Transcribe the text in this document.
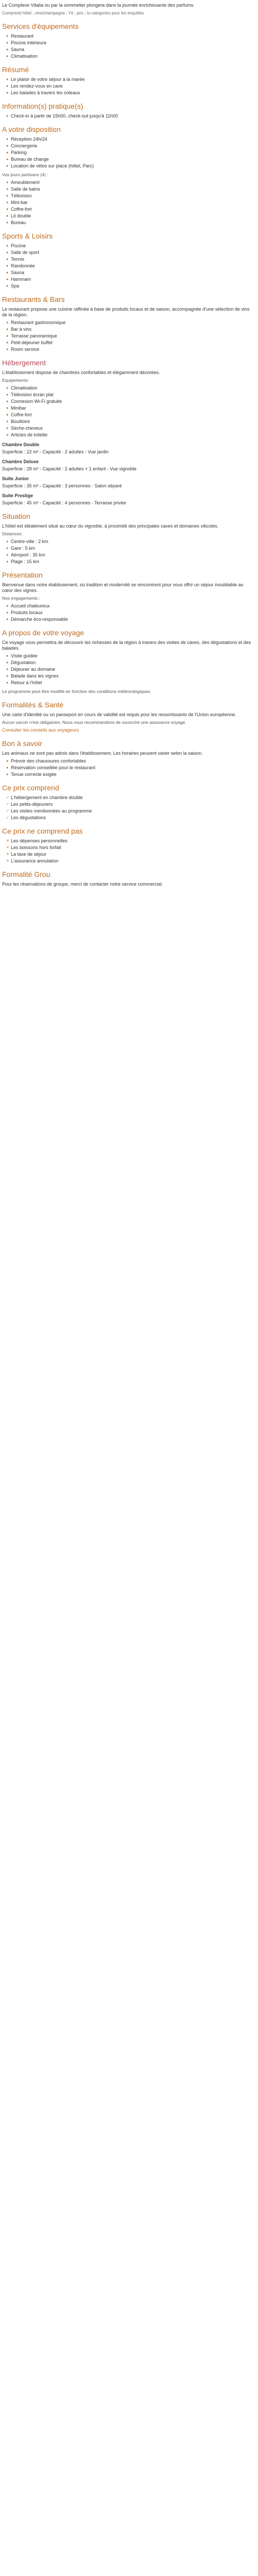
Le Complexe Vitalia ou par la sommelier plongera dans la journée enrichissante des parfums.

Comprend hôtel ; vins/champagne ; Yé ; prix ; to categories pour les enquilles.

Services d'équipements
● Restaurant
● Piscine intérieure
● Sauna
● Climatisation
Résumé
● Le plaisir de votre séjour à la marée
● Les rendez-vous en cave
● Les balades à travers les coteaux
Information(s) pratique(s)
● Check-in à partir de 15h00, check-out jusqu'à 11h00
A votre disposition
● Réception 24h/24
● Conciergerie
● Parking
● Bureau de change
● Location de vélos sur place (hôtel, Parc)

Vos jours partisans (4) :

● Ameublement
● Salle de bains
● Télévision
● Mini-bar
● Coffre-fort
● Lit double
● Bureau
Sports & Loisirs
● Piscine
● Salle de sport
● Tennis
● Randonnée
● Sauna
● Hammam
● Spa
Restaurants & Bars

Le restaurant propose une cuisine raffinée à base de produits locaux et de saison, accompagnée d'une sélection de vins de la région.

● Restaurant gastronomique
● Bar à vins
● Terrasse panoramique
● Petit-déjeuner buffet
● Room service
Hébergement

L'établissement dispose de chambres confortables et élégamment décorées.

Equipements:

● Climatisation
● Télévision écran plat
● Connexion Wi-Fi gratuite
● Minibar
● Coffre-fort
● Bouilloire
● Sèche-cheveux
● Articles de toilette
Chambre Double

Superficie : 22 m² - Capacité : 2 adultes - Vue jardin

Chambre Deluxe

Superficie : 28 m² - Capacité : 2 adultes + 1 enfant - Vue vignoble

Suite Junior

Superficie : 35 m² - Capacité : 3 personnes - Salon séparé

Suite Prestige

Superficie : 45 m² - Capacité : 4 personnes - Terrasse privée

Situation

L'hôtel est idéalement situé au cœur du vignoble, à proximité des principales caves et domaines viticoles.

Distances:

● Centre-ville : 2 km
● Gare : 5 km
● Aéroport : 35 km
● Plage : 15 km
Présentation

Bienvenue dans notre établissement, où tradition et modernité se rencontrent pour vous offrir un séjour inoubliable au cœur des vignes.

Nos engagements :

● Accueil chaleureux
● Produits locaux
● Démarche éco-responsable
A propos de votre voyage

Ce voyage vous permettra de découvrir les richesses de la région à travers des visites de caves, des dégustations et des balades.

● Visite guidée
● Dégustation
● Déjeuner au domaine
● Balade dans les vignes
● Retour à l'hôtel

Le programme peut être modifié en fonction des conditions météorologiques.

Formalités & Santé

Une carte d'identité ou un passeport en cours de validité est requis pour les ressortissants de l'Union européenne.

Aucun vaccin n'est obligatoire. Nous vous recommandons de souscrire une assurance voyage.

Consulter les conseils aux voyageurs

Bon à savoir

Les animaux ne sont pas admis dans l'établissement. Les horaires peuvent varier selon la saison.

● Prévoir des chaussures confortables
● Réservation conseillée pour le restaurant
● Tenue correcte exigée
Ce prix comprend
✓ L'hébergement en chambre double
✓ Les petits-déjeuners
✓ Les visites mentionnées au programme
✓ Les dégustations
Ce prix ne comprend pas
✕ Les dépenses personnelles
✕ Les boissons hors forfait
✕ La taxe de séjour
✕ L'assurance annulation
Formalité Grou

Pour les réservations de groupe, merci de contacter notre service commercial.
